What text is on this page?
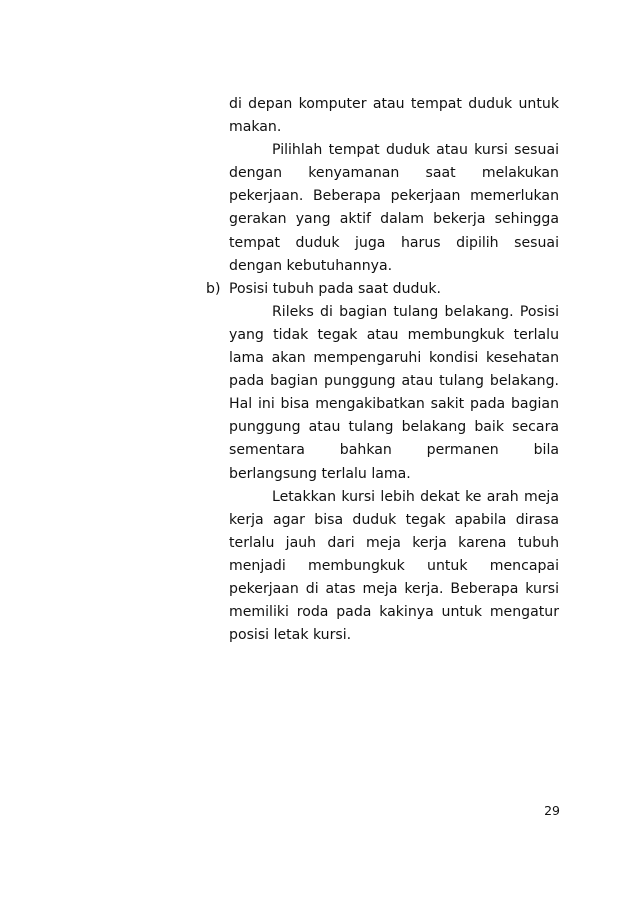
di depan komputer atau tempat duduk untuk makan.

Pilihlah tempat duduk atau kursi sesuai dengan kenyamanan saat melakukan pekerjaan. Beberapa pekerjaan memerlukan gerakan yang aktif dalam bekerja sehingga tempat duduk juga harus dipilih sesuai dengan kebutuhannya.

b) Posisi tubuh pada saat duduk.

Rileks di bagian tulang belakang. Posisi yang tidak tegak atau membungkuk terlalu lama akan mempengaruhi kondisi kesehatan pada bagian punggung atau tulang belakang. Hal ini bisa mengakibatkan sakit pada bagian punggung atau tulang belakang baik secara sementara bahkan permanen bila berlangsung terlalu lama.

Letakkan kursi lebih dekat ke arah meja kerja agar bisa duduk tegak apabila dirasa terlalu jauh dari meja kerja karena tubuh menjadi membungkuk untuk mencapai pekerjaan di atas meja kerja. Beberapa kursi memiliki roda pada kakinya untuk mengatur posisi letak kursi.

29
